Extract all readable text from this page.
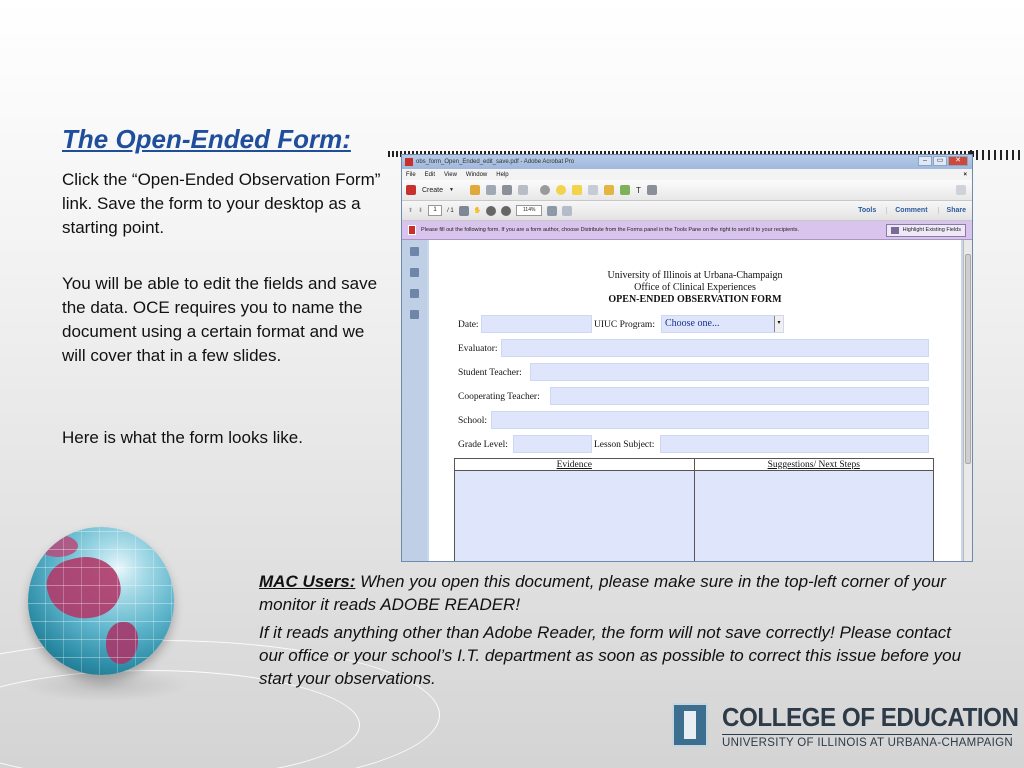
The Open-Ended Form:
Click the “Open-Ended Observation Form” link. Save the form to your desktop as a starting point.
You will be able to edit the fields and save the data. OCE requires you to name the document using a certain format and we will cover that in a few slides.
Here is what the form looks like.
obs_form_Open_Ended_edit_save.pdf - Adobe Acrobat Pro	–	▭	✕
File Edit View Window Help	×
Create ▼	T
⬆ ⬇	1	/ 1	✋	114%	Tools	Comment	Share
Please fill out the following form. If you are a form author, choose Distribute from the Forms panel in the Tools Pane on the right to send it to your recipients.	Highlight Existing Fields
University of Illinois at Urbana-Champaign
Office of Clinical Experiences
OPEN-ENDED OBSERVATION FORM
Date:	UIUC Program:	Choose one...	▾
Evaluator:
Student Teacher:
Cooperating Teacher:
School:
Grade Level:	Lesson Subject:
Evidence	Suggestions/ Next Steps

MAC Users: When you open this document, please make sure in the top-left corner of your monitor it reads ADOBE READER!

If it reads anything other than Adobe Reader, the form will not save correctly! Please contact our office or your school’s I.T. department as soon as possible to correct this issue before you start your observations.

COLLEGE OF EDUCATION
UNIVERSITY OF ILLINOIS AT URBANA-CHAMPAIGN
